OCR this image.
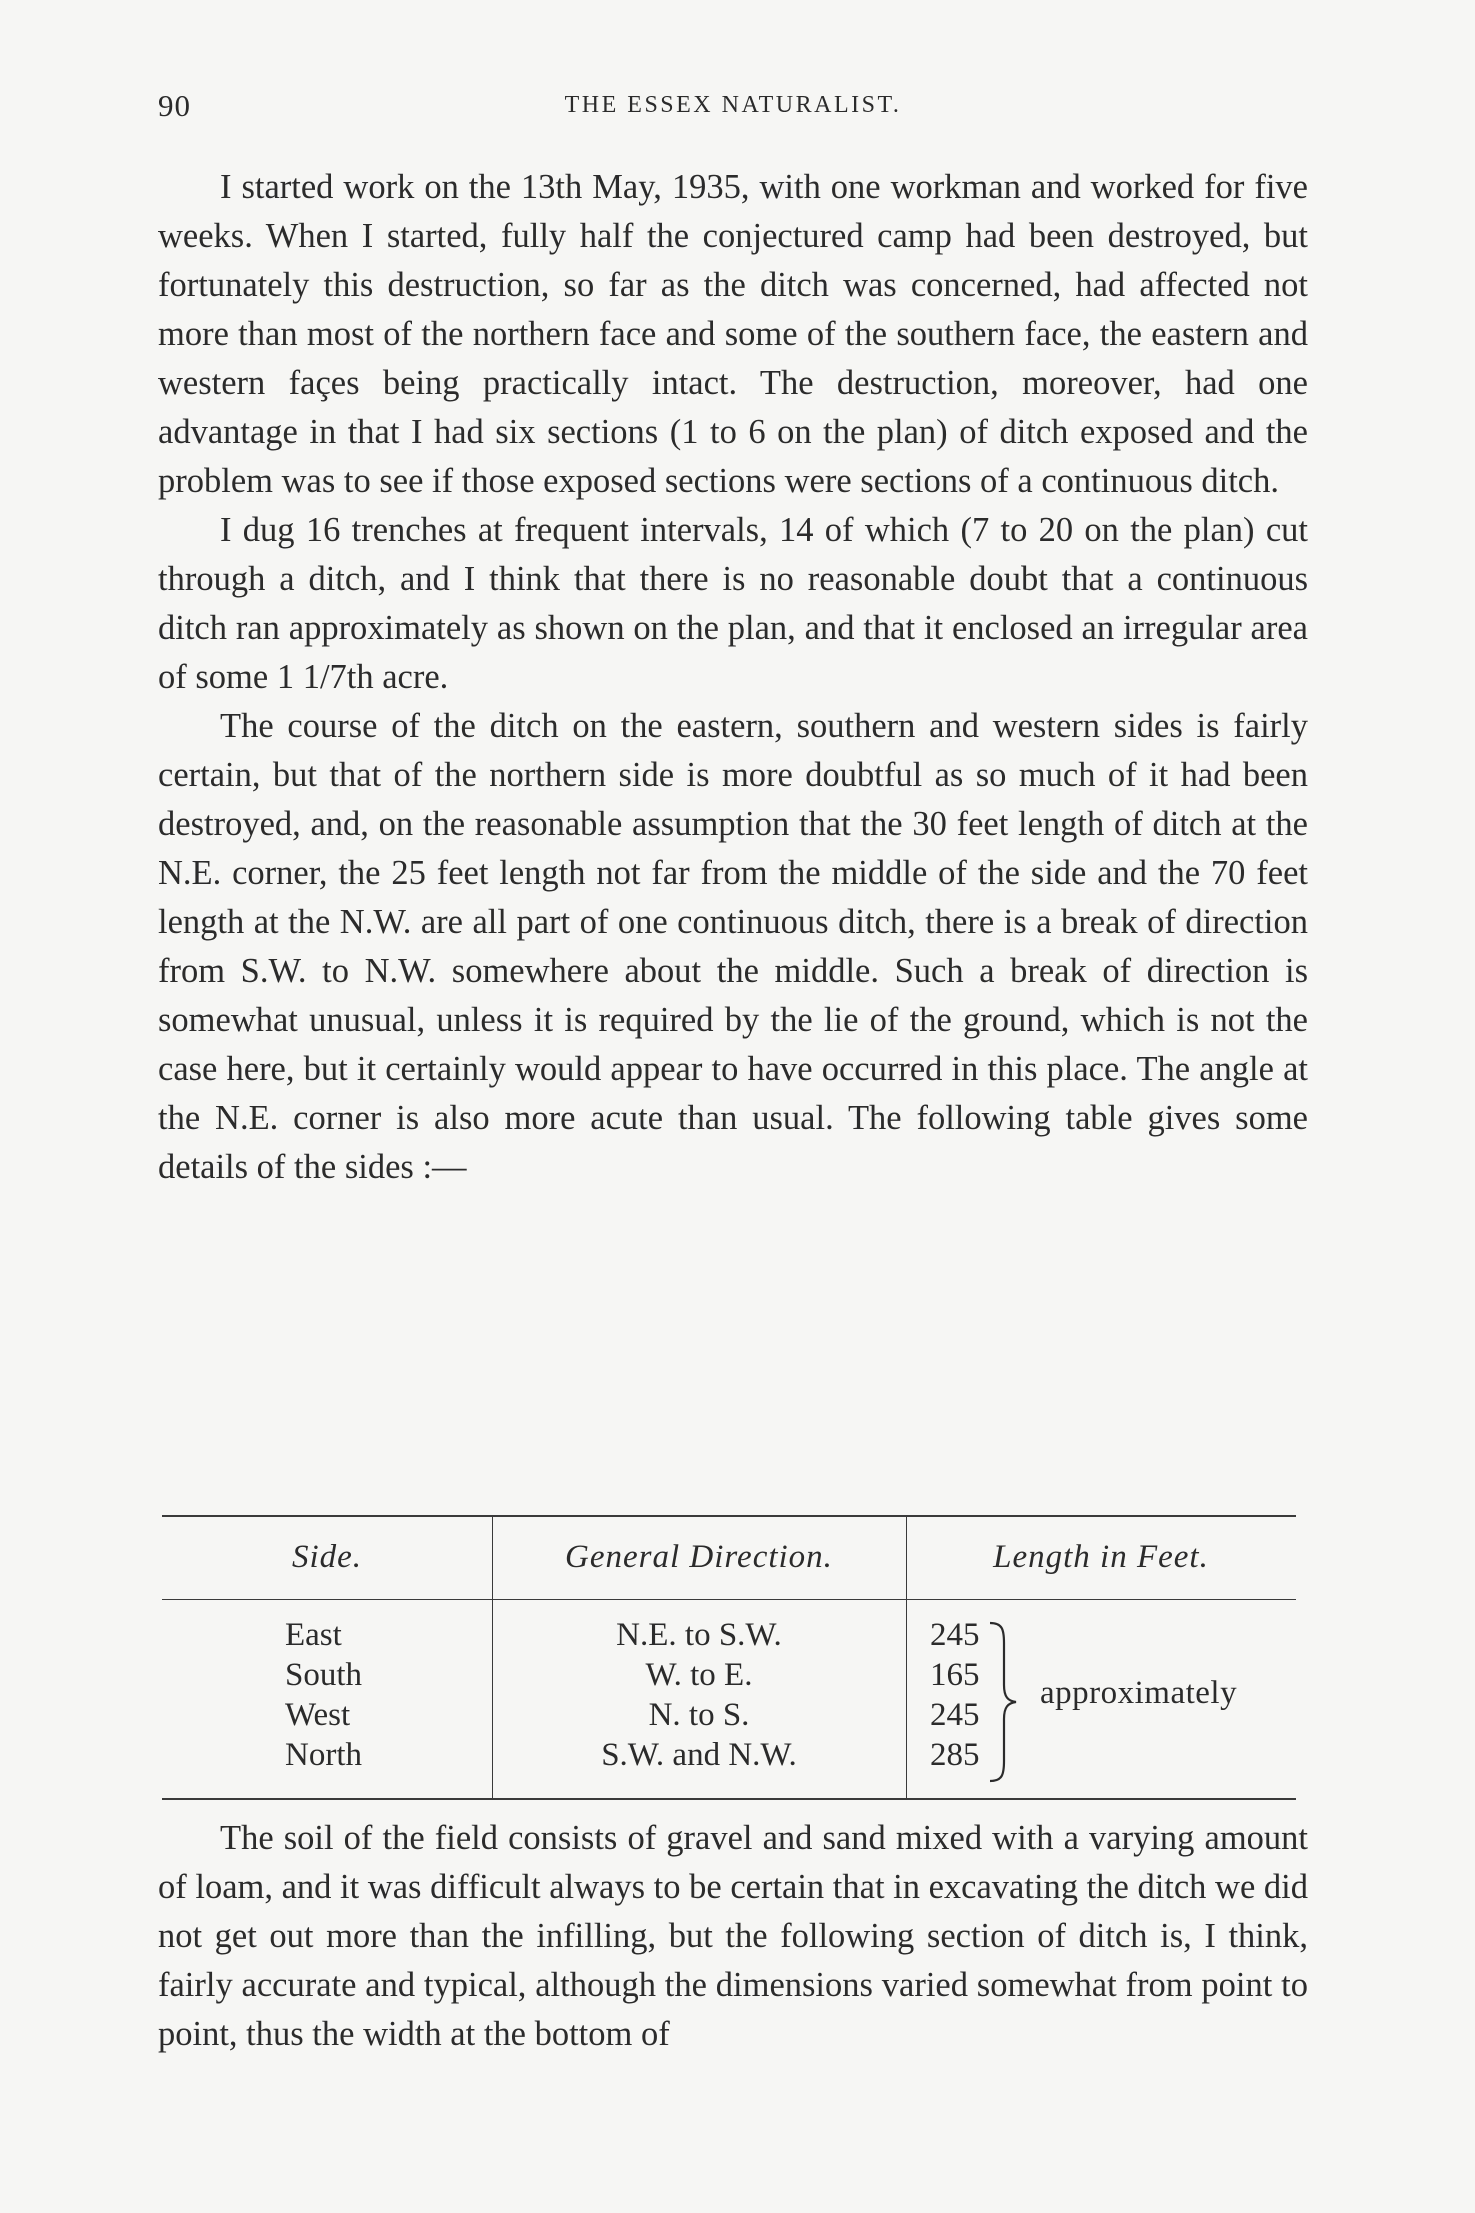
90	THE ESSEX NATURALIST.

I started work on the 13th May, 1935, with one workman and worked for five weeks. When I started, fully half the conjectured camp had been destroyed, but fortunately this destruction, so far as the ditch was concerned, had affected not more than most of the northern face and some of the southern face, the eastern and western façes being practically intact. The destruction, moreover, had one advantage in that I had six sections (1 to 6 on the plan) of ditch exposed and the problem was to see if those exposed sections were sections of a continuous ditch.

I dug 16 trenches at frequent intervals, 14 of which (7 to 20 on the plan) cut through a ditch, and I think that there is no reasonable doubt that a continuous ditch ran approximately as shown on the plan, and that it enclosed an irregular area of some 1 1/7th acre.

The course of the ditch on the eastern, southern and western sides is fairly certain, but that of the northern side is more doubtful as so much of it had been destroyed, and, on the reasonable assumption that the 30 feet length of ditch at the N.E. corner, the 25 feet length not far from the middle of the side and the 70 feet length at the N.W. are all part of one continuous ditch, there is a break of direction from S.W. to N.W. somewhere about the middle. Such a break of direction is somewhat unusual, unless it is required by the lie of the ground, which is not the case here, but it certainly would appear to have occurred in this place. The angle at the N.E. corner is also more acute than usual. The following table gives some details of the sides :—

Side.	General Direction.	Length in Feet.
East	N.E. to S.W.	245
South	W. to E.	165
West	N. to S.	245
North	S.W. and N.W.	285
approximately

The soil of the field consists of gravel and sand mixed with a varying amount of loam, and it was difficult always to be certain that in excavating the ditch we did not get out more than the infilling, but the following section of ditch is, I think, fairly accurate and typical, although the dimensions varied somewhat from point to point, thus the width at the bottom of
